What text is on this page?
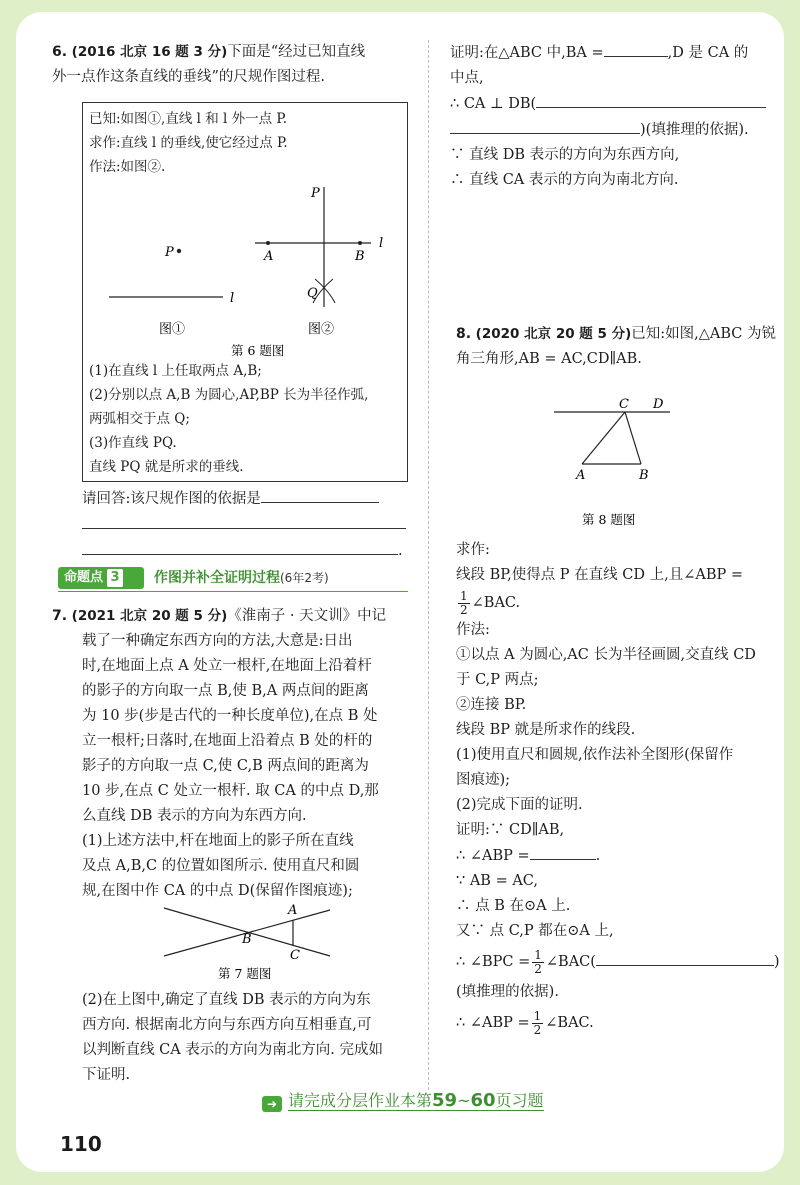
6. (2016 北京 16 题 3 分)下面是“经过已知直线

外一点作这条直线的垂线”的尺规作图过程.

已知:如图①,直线 l 和 l 外一点 P.

求作:直线 l 的垂线,使它经过点 P.

作法:如图②.

P
l
l
P
A	B
Q
图①	图②
第 6 题图

(1)在直线 l 上任取两点 A,B;

(2)分别以点 A,B 为圆心,AP,BP 长为半径作弧,

两弧相交于点 Q;

(3)作直线 PQ.

直线 PQ 就是所求的垂线.

请回答:该尺规作图的依据是

.

命题点 3	作图并补全证明过程(6年2考)

7. (2021 北京 20 题 5 分)《淮南子 · 天文训》中记

载了一种确定东西方向的方法,大意是:日出

时,在地面上点 A 处立一根杆,在地面上沿着杆

的影子的方向取一点 B,使 B,A 两点间的距离

为 10 步(步是古代的一种长度单位),在点 B 处

立一根杆;日落时,在地面上沿着点 B 处的杆的

影子的方向取一点 C,使 C,B 两点间的距离为

10 步,在点 C 处立一根杆. 取 CA 的中点 D,那

么直线 DB 表示的方向为东西方向.

(1)上述方法中,杆在地面上的影子所在直线

及点 A,B,C 的位置如图所示. 使用直尺和圆

规,在图中作 CA 的中点 D(保留作图痕迹);

A
B
C
第 7 题图

(2)在上图中,确定了直线 DB 表示的方向为东

西方向. 根据南北方向与东西方向互相垂直,可

以判断直线 CA 表示的方向为南北方向. 完成如

下证明.

证明:在△ABC 中,BA =	,D 是 CA 的

中点,

∴ CA ⊥ DB(

)(填推理的依据).

∵ 直线 DB 表示的方向为东西方向,

∴ 直线 CA 表示的方向为南北方向.

8. (2020 北京 20 题 5 分)已知:如图,△ABC 为锐

角三角形,AB = AC,CD∥AB.

C D
A	B
第 8 题图

求作:

线段 BP,使得点 P 在直线 CD 上,且∠ABP =

$\frac{1}{2}$ ∠BAC.

作法:

①以点 A 为圆心,AC 长为半径画圆,交直线 CD

于 C,P 两点;

②连接 BP.

线段 BP 就是所求作的线段.

(1)使用直尺和圆规,依作法补全图形(保留作

图痕迹);

(2)完成下面的证明.

证明:∵ CD∥AB,

∴ ∠ABP =	.

∵ AB = AC,

∴ 点 B 在⊙A 上.

又∵ 点 C,P 都在⊙A 上,

∴ ∠BPC = $\frac{1}{2}$ ∠BAC(	)

(填推理的依据).

∴ ∠ABP = $\frac{1}{2}$ ∠BAC.

➜ 请完成分层作业本第59~60页习题
110
